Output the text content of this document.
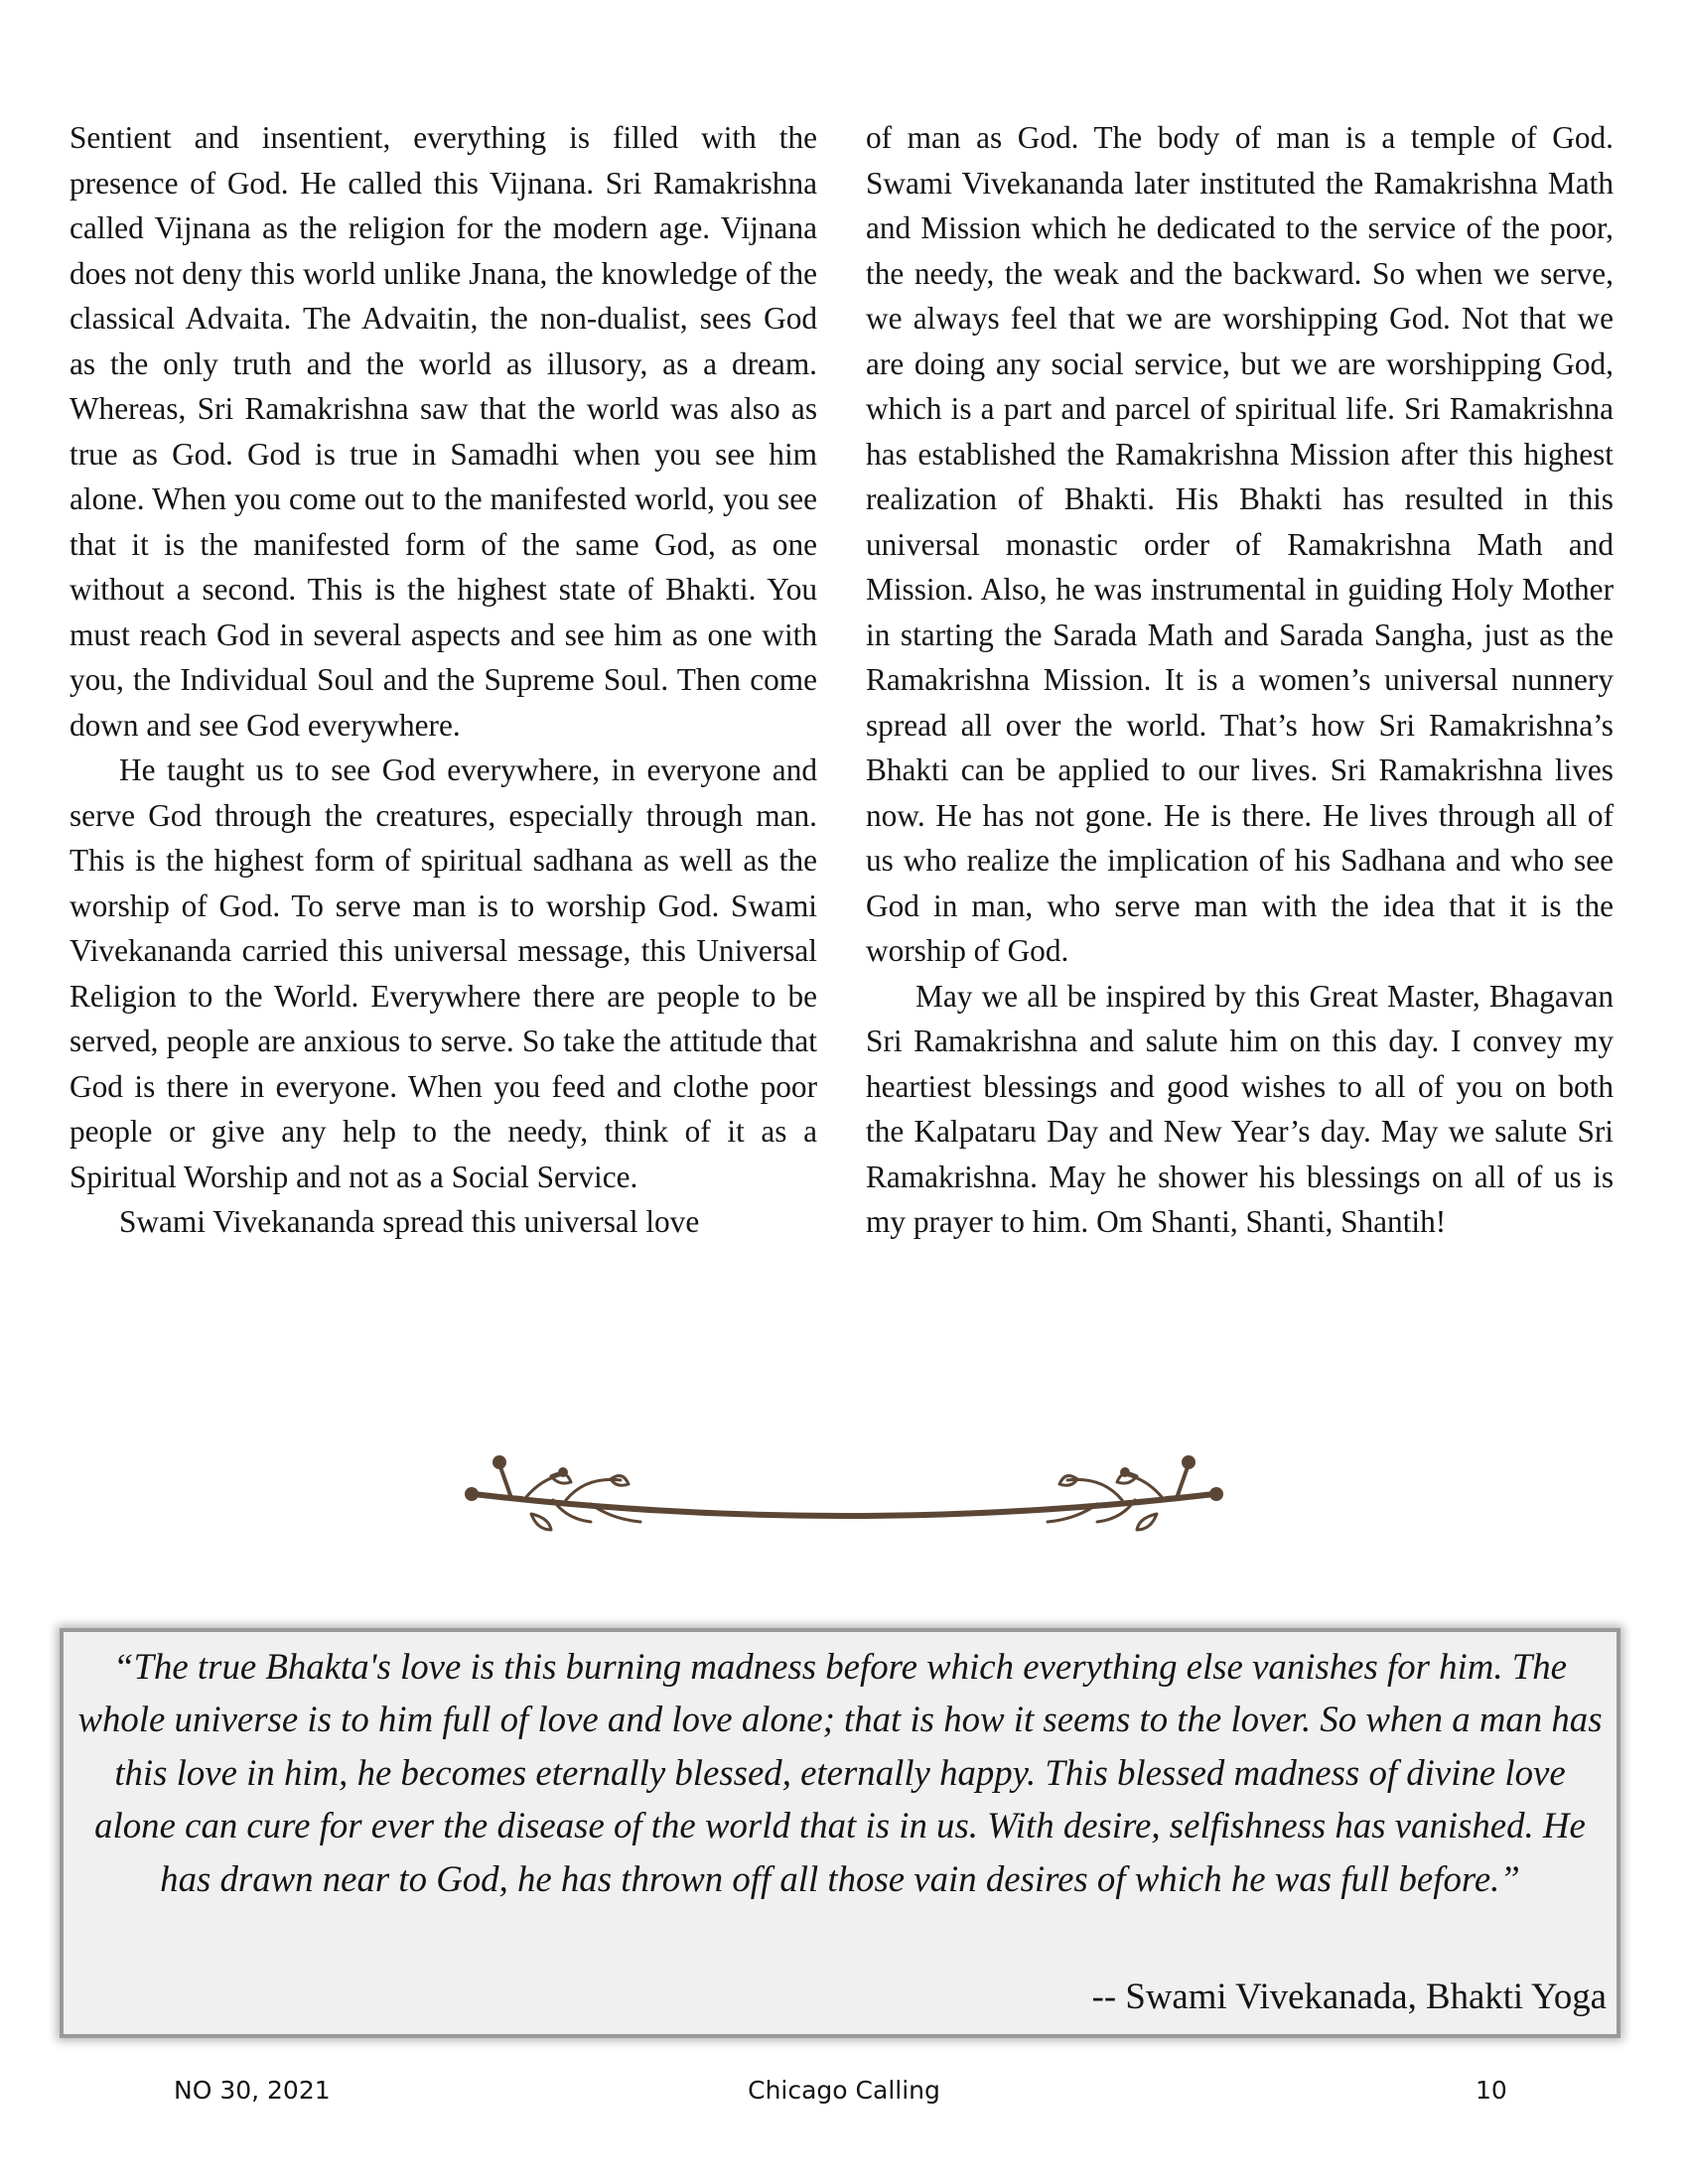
Sentient and insentient, everything is filled with the presence of God. He called this Vijnana. Sri Ramakrishna called Vijnana as the religion for the modern age. Vijnana does not deny this world unlike Jnana, the knowledge of the classical Advaita. The Advaitin, the non-dualist, sees God as the only truth and the world as illusory, as a dream. Whereas, Sri Ramakrishna saw that the world was also as true as God. God is true in Samadhi when you see him alone. When you come out to the manifested world, you see that it is the manifested form of the same God, as one without a second. This is the highest state of Bhakti. You must reach God in several aspects and see him as one with you, the Individual Soul and the Supreme Soul. Then come down and see God everywhere.

He taught us to see God everywhere, in everyone and serve God through the creatures, especially through man. This is the highest form of spiritual sadhana as well as the worship of God. To serve man is to worship God. Swami Vivekananda carried this universal message, this Universal Religion to the World. Everywhere there are people to be served, people are anxious to serve. So take the attitude that God is there in everyone. When you feed and clothe poor people or give any help to the needy, think of it as a Spiritual Worship and not as a Social Service.

Swami Vivekananda spread this universal love

of man as God. The body of man is a temple of God. Swami Vivekananda later instituted the Ramakrishna Math and Mission which he dedicated to the service of the poor, the needy, the weak and the backward. So when we serve, we always feel that we are worshipping God. Not that we are doing any social service, but we are worshipping God, which is a part and parcel of spiritual life. Sri Ramakrishna has established the Ramakrishna Mission after this highest realization of Bhakti. His Bhakti has resulted in this universal monastic order of Ramakrishna Math and Mission. Also, he was instrumental in guiding Holy Mother in starting the Sarada Math and Sarada Sangha, just as the Ramakrishna Mission. It is a women’s universal nunnery spread all over the world. That’s how Sri Ramakrishna’s Bhakti can be applied to our lives. Sri Ramakrishna lives now. He has not gone. He is there. He lives through all of us who realize the implication of his Sadhana and who see God in man, who serve man with the idea that it is the worship of God.

May we all be inspired by this Great Master, Bhagavan Sri Ramakrishna and salute him on this day. I convey my heartiest blessings and good wishes to all of you on both the Kalpataru Day and New Year’s day. May we salute Sri Ramakrishna. May he shower his blessings on all of us is my prayer to him. Om Shanti, Shanti, Shantih!

“The true Bhakta's love is this burning madness before which everything else vanishes for him. The whole universe is to him full of love and love alone; that is how it seems to the lover. So when a man has this love in him, he becomes eternally blessed, eternally happy. This blessed madness of divine love alone can cure for ever the disease of the world that is in us. With desire, selfishness has vanished. He has drawn near to God, he has thrown off all those vain desires of which he was full before.”

-- Swami Vivekanada, Bhakti Yoga
Chicago Calling
NO 30, 2021	10
